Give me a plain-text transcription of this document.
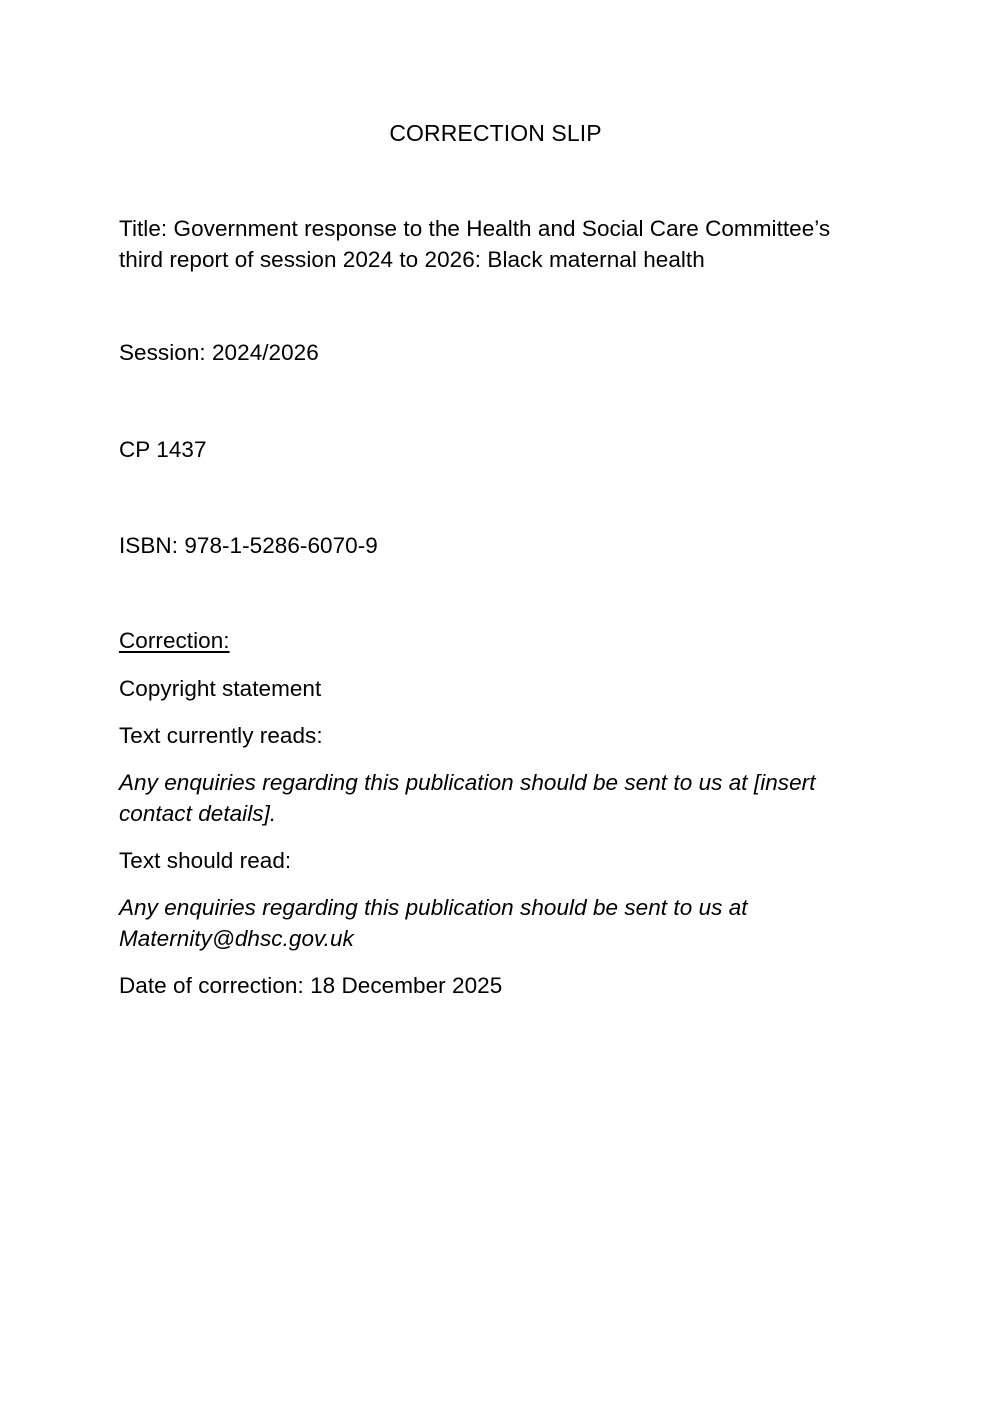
CORRECTION SLIP

Title: Government response to the Health and Social Care Committee’s third report of session 2024 to 2026: Black maternal health

Session: 2024/2026

CP 1437

ISBN: 978-1-5286-6070-9

Correction:

Copyright statement

Text currently reads:

Any enquiries regarding this publication should be sent to us at [insert contact details].

Text should read:

Any enquiries regarding this publication should be sent to us at Maternity@dhsc.gov.uk

Date of correction: 18 December 2025
